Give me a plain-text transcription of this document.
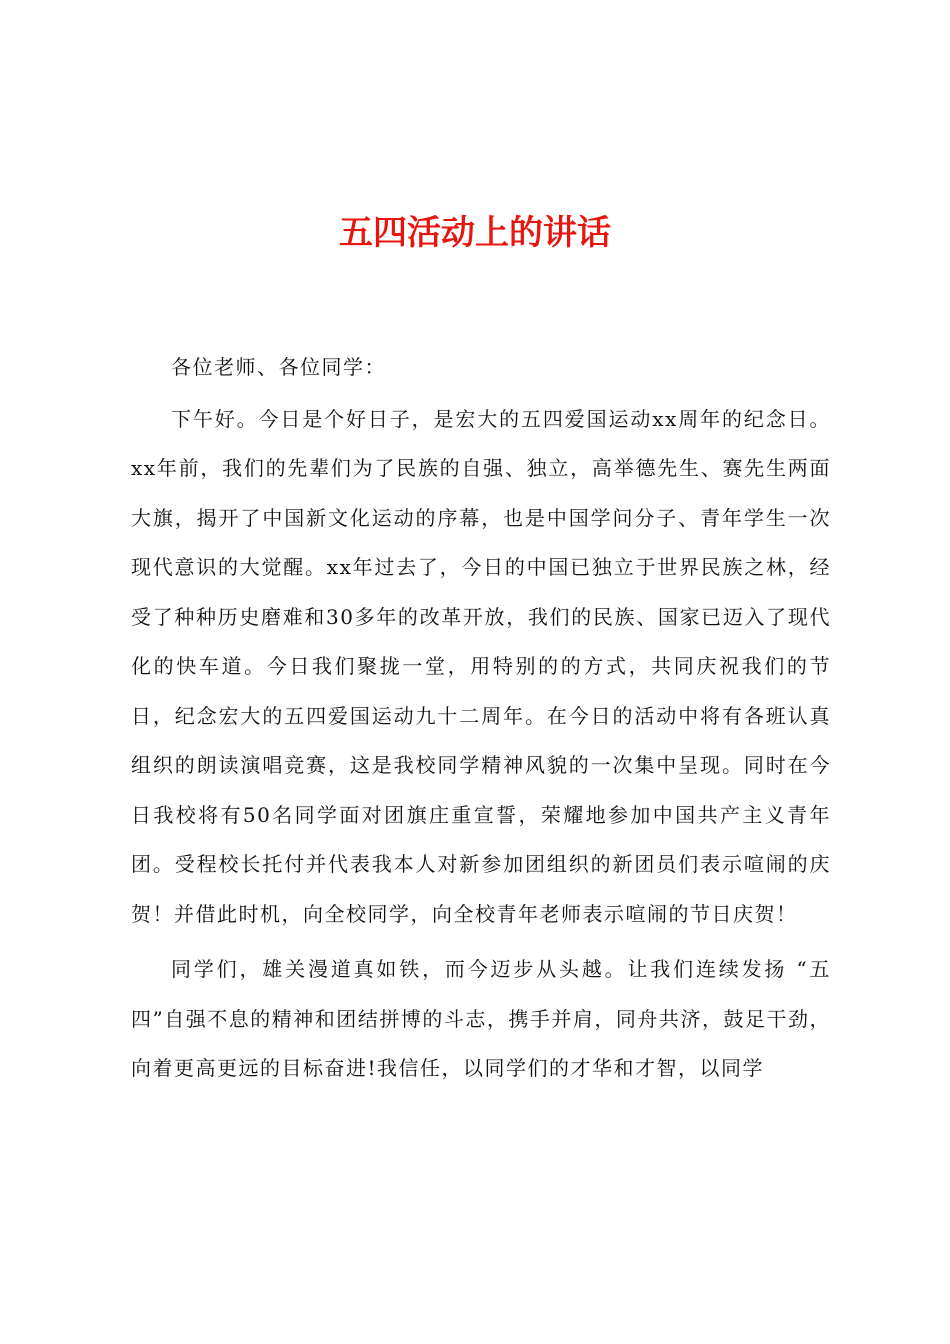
五四活动上的讲话

各位老师、各位同学：

下午好。今日是个好日子，是宏大的五四爱国运动xx周年的纪念日。xx年前，我们的先辈们为了民族的自强、独立，高举德先生、赛先生两面大旗，揭开了中国新文化运动的序幕，也是中国学问分子、青年学生一次现代意识的大觉醒。xx年过去了，今日的中国已独立于世界民族之林，经受了种种历史磨难和30多年的改革开放，我们的民族、国家已迈入了现代化的快车道。今日我们聚拢一堂，用特别的的方式，共同庆祝我们的节日，纪念宏大的五四爱国运动九十二周年。在今日的活动中将有各班认真组织的朗读演唱竞赛，这是我校同学精神风貌的一次集中呈现。同时在今日我校将有50名同学面对团旗庄重宣誓，荣耀地参加中国共产主义青年团。受程校长托付并代表我本人对新参加团组织的新团员们表示喧闹的庆贺！并借此时机，向全校同学，向全校青年老师表示喧闹的节日庆贺！

同学们，雄关漫道真如铁，而今迈步从头越。让我们连续发扬 “五四”自强不息的精神和团结拼博的斗志，携手并肩，同舟共济，鼓足干劲，向着更高更远的目标奋进!我信任，以同学们的才华和才智，以同学
